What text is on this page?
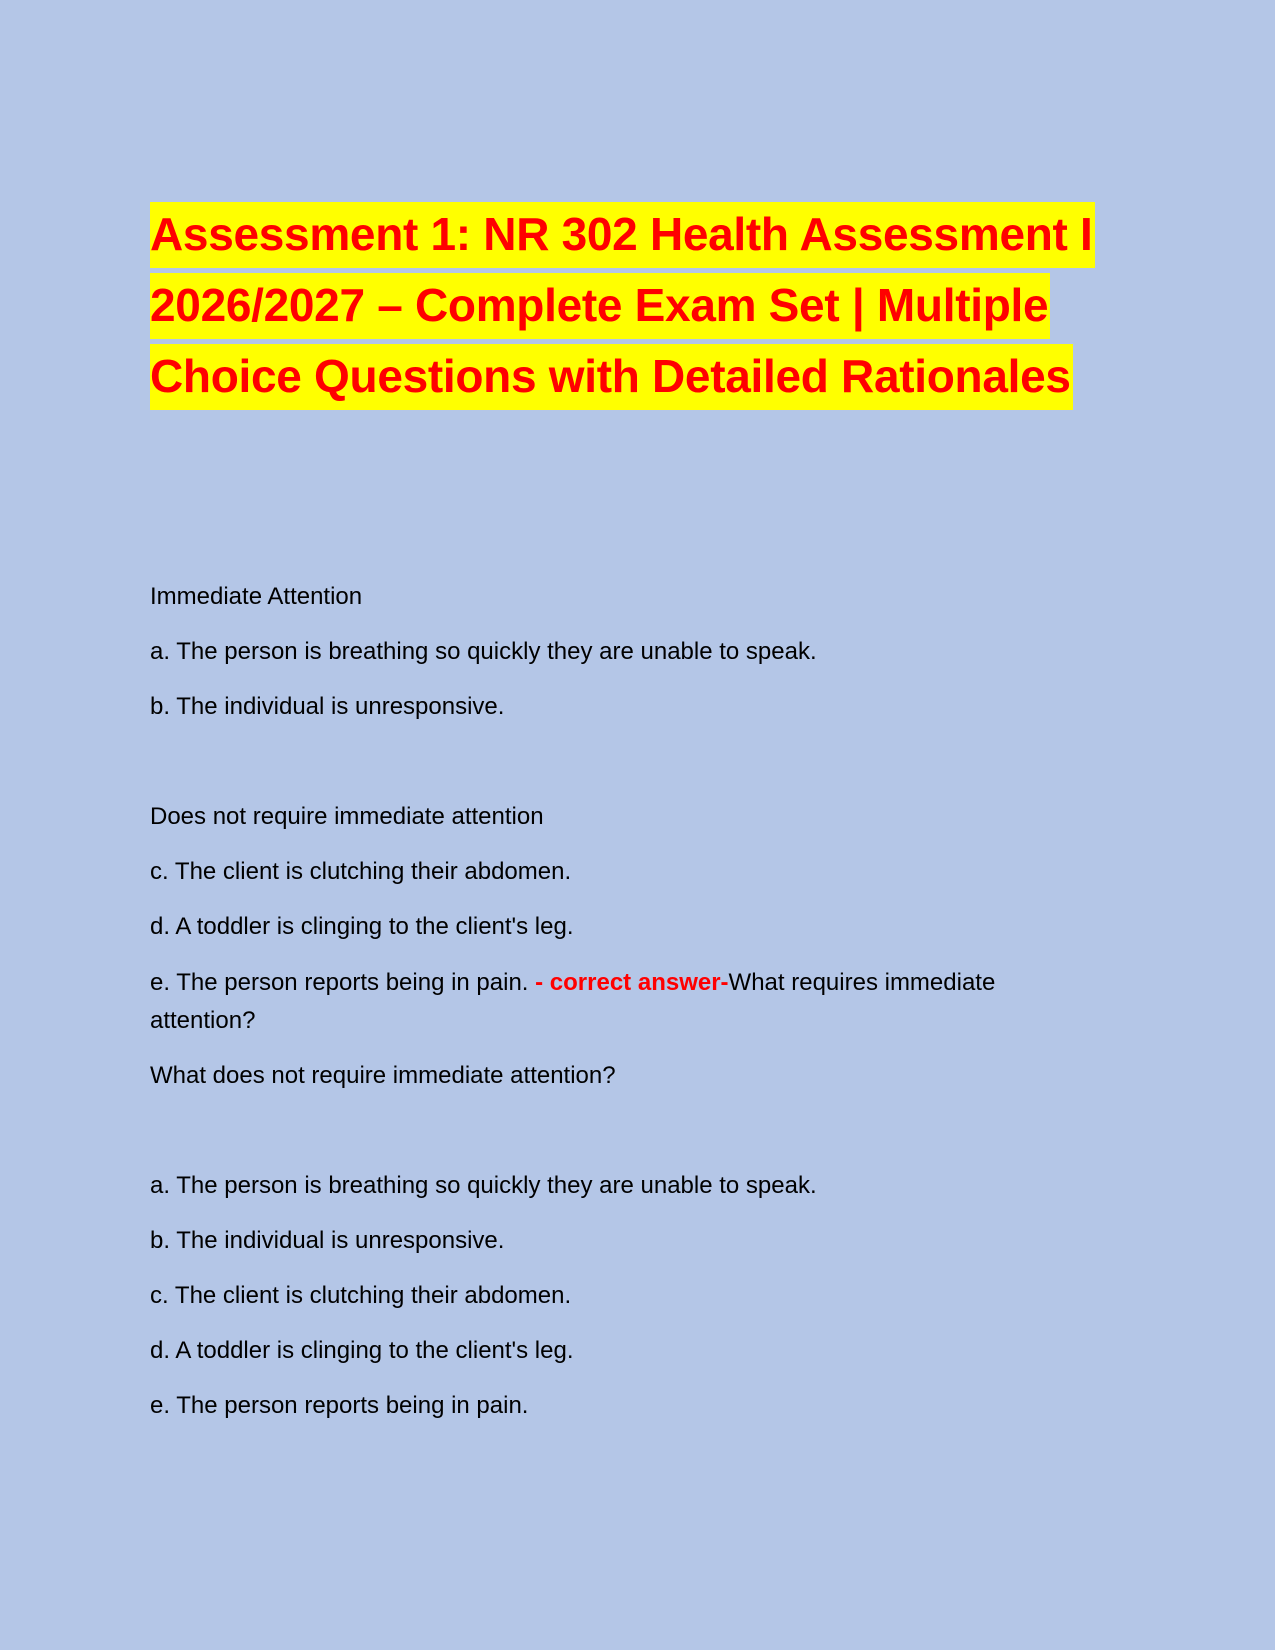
Assessment 1: NR 302 Health Assessment I
2026/2027 – Complete Exam Set | Multiple
Choice Questions with Detailed Rationales
Immediate Attention
a. The person is breathing so quickly they are unable to speak.
b. The individual is unresponsive.
Does not require immediate attention
c. The client is clutching their abdomen.
d. A toddler is clinging to the client's leg.
e. The person reports being in pain. - correct answer-What requires immediate attention?
What does not require immediate attention?
a. The person is breathing so quickly they are unable to speak.
b. The individual is unresponsive.
c. The client is clutching their abdomen.
d. A toddler is clinging to the client's leg.
e. The person reports being in pain.
